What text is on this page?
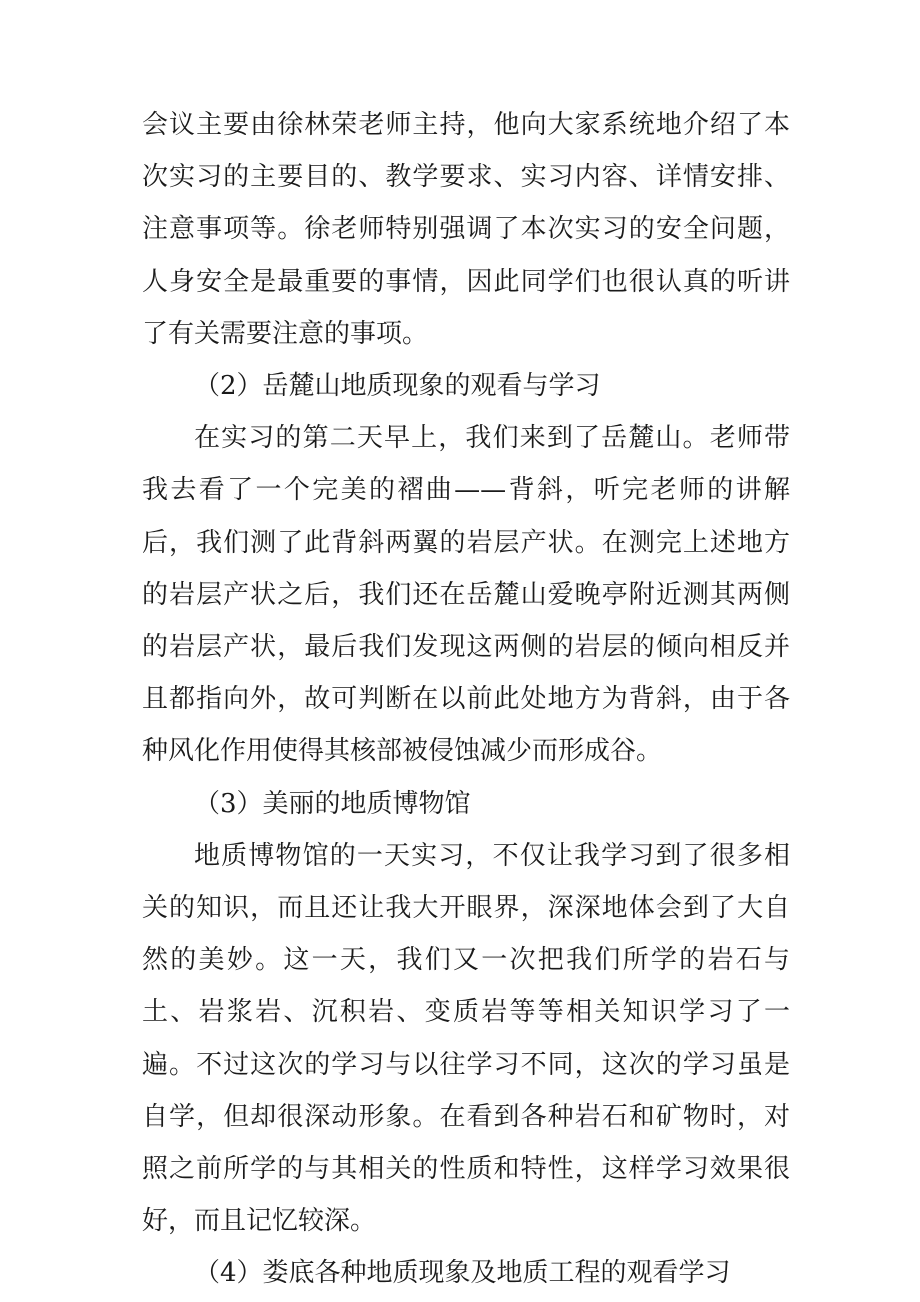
会议主要由徐林荣老师主持，他向大家系统地介绍了本次实习的主要目的、教学要求、实习内容、详情安排、注意事项等。徐老师特别强调了本次实习的安全问题，人身安全是最重要的事情，因此同学们也很认真的听讲了有关需要注意的事项。

（2）岳麓山地质现象的观看与学习

在实习的第二天早上，我们来到了岳麓山。老师带我去看了一个完美的褶曲——背斜，听完老师的讲解后，我们测了此背斜两翼的岩层产状。在测完上述地方的岩层产状之后，我们还在岳麓山爱晚亭附近测其两侧的岩层产状，最后我们发现这两侧的岩层的倾向相反并且都指向外，故可判断在以前此处地方为背斜，由于各种风化作用使得其核部被侵蚀减少而形成谷。

（3）美丽的地质博物馆

地质博物馆的一天实习，不仅让我学习到了很多相关的知识，而且还让我大开眼界，深深地体会到了大自然的美妙。这一天，我们又一次把我们所学的岩石与土、岩浆岩、沉积岩、变质岩等等相关知识学习了一遍。不过这次的学习与以往学习不同，这次的学习虽是自学，但却很深动形象。在看到各种岩石和矿物时，对照之前所学的与其相关的性质和特性，这样学习效果很好，而且记忆较深。

（4）娄底各种地质现象及地质工程的观看学习
